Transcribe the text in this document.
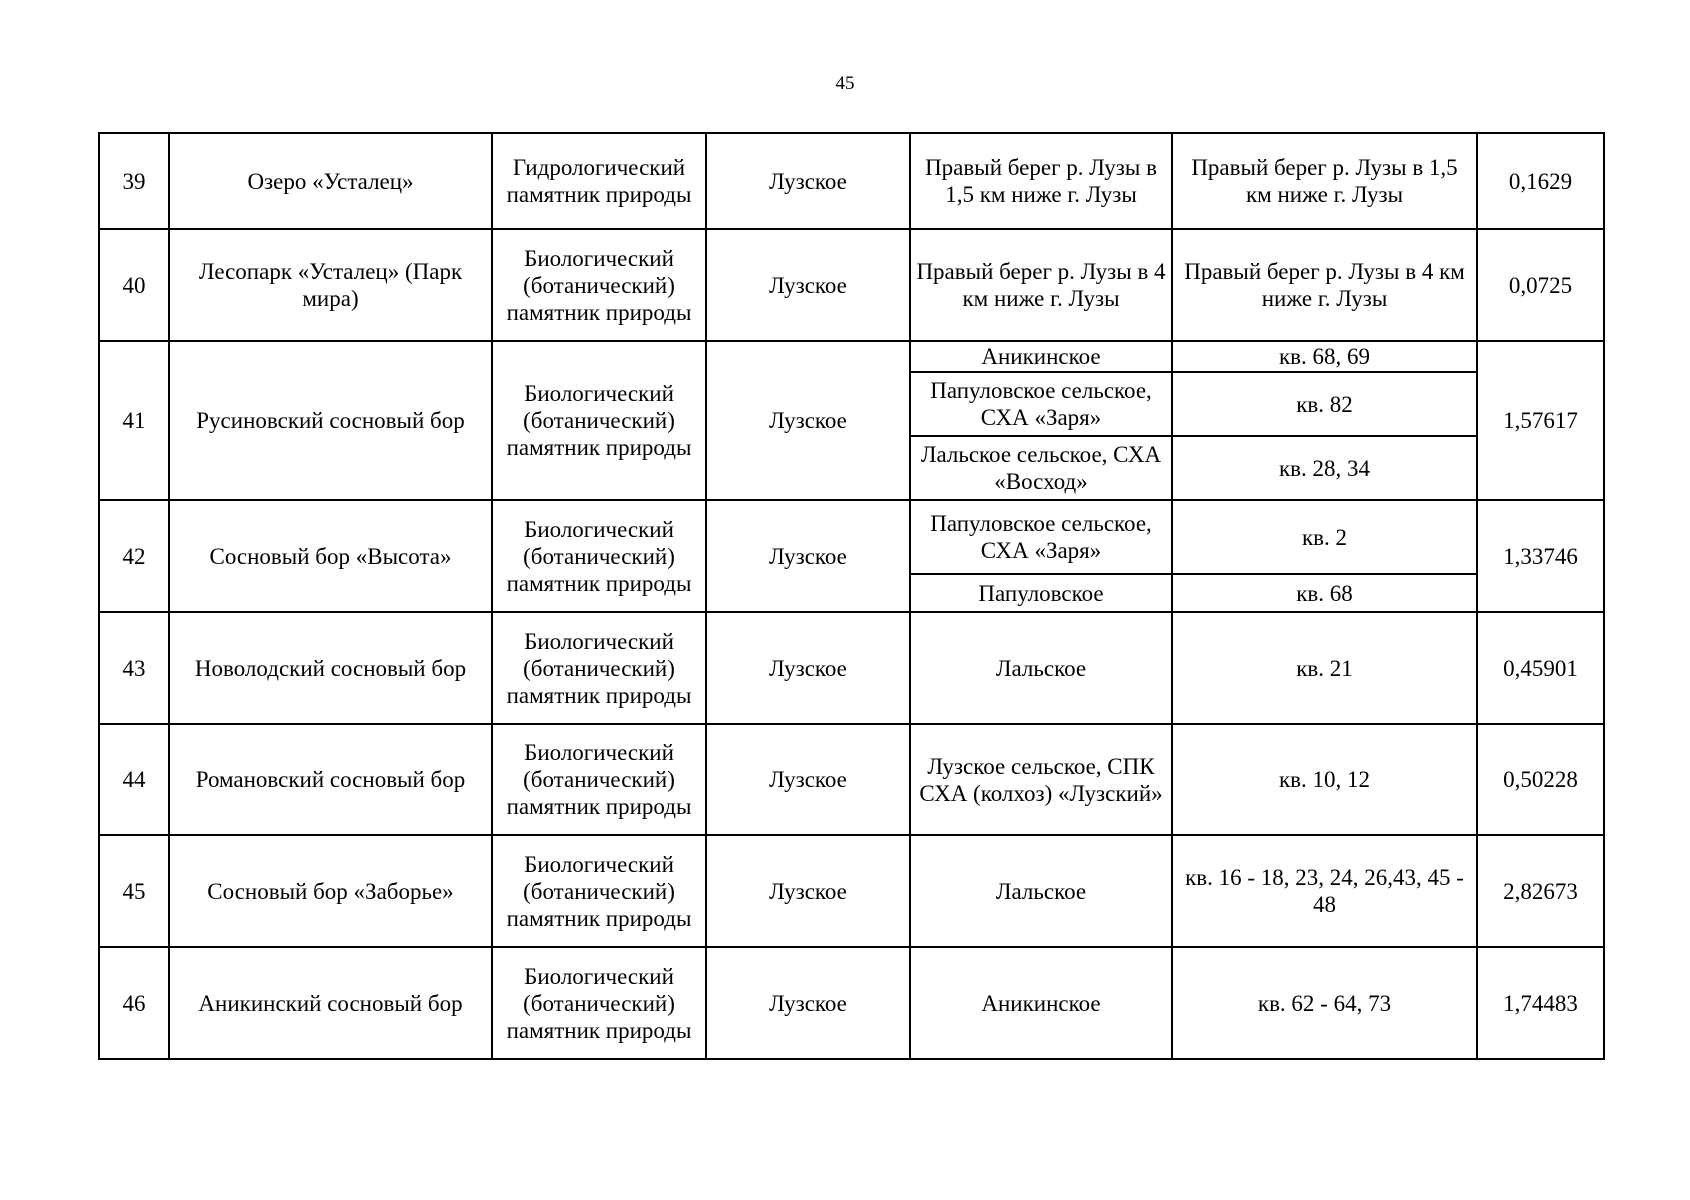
45
39	Озеро «Усталец»	Гидрологический памятник природы	Лузское	Правый берег р. Лузы в 1,5 км ниже г. Лузы	Правый берег р. Лузы в 1,5 км ниже г. Лузы	0,1629
40	Лесопарк «Усталец» (Парк мира)	Биологический (ботанический) памятник природы	Лузское	Правый берег р. Лузы в 4 км ниже г. Лузы	Правый берег р. Лузы в 4 км ниже г. Лузы	0,0725
41	Русиновский сосновый бор	Биологический (ботанический) памятник природы	Лузское	Аникинское	кв. 68, 69	1,57617
				Папуловское сельское, СХА «Заря»	кв. 82	
				Лальское сельское, СХА «Восход»	кв. 28, 34	
42	Сосновый бор «Высота»	Биологический (ботанический) памятник природы	Лузское	Папуловское сельское, СХА «Заря»	кв. 2	1,33746
				Папуловское	кв. 68	
43	Новолодский сосновый бор	Биологический (ботанический) памятник природы	Лузское	Лальское	кв. 21	0,45901
44	Романовский сосновый бор	Биологический (ботанический) памятник природы	Лузское	Лузское сельское, СПК СХА (колхоз) «Лузский»	кв. 10, 12	0,50228
45	Сосновый бор «Заборье»	Биологический (ботанический) памятник природы	Лузское	Лальское	кв. 16 - 18, 23, 24, 26,43, 45 - 48	2,82673
46	Аникинский сосновый бор	Биологический (ботанический) памятник природы	Лузское	Аникинское	кв. 62 - 64, 73	1,74483
